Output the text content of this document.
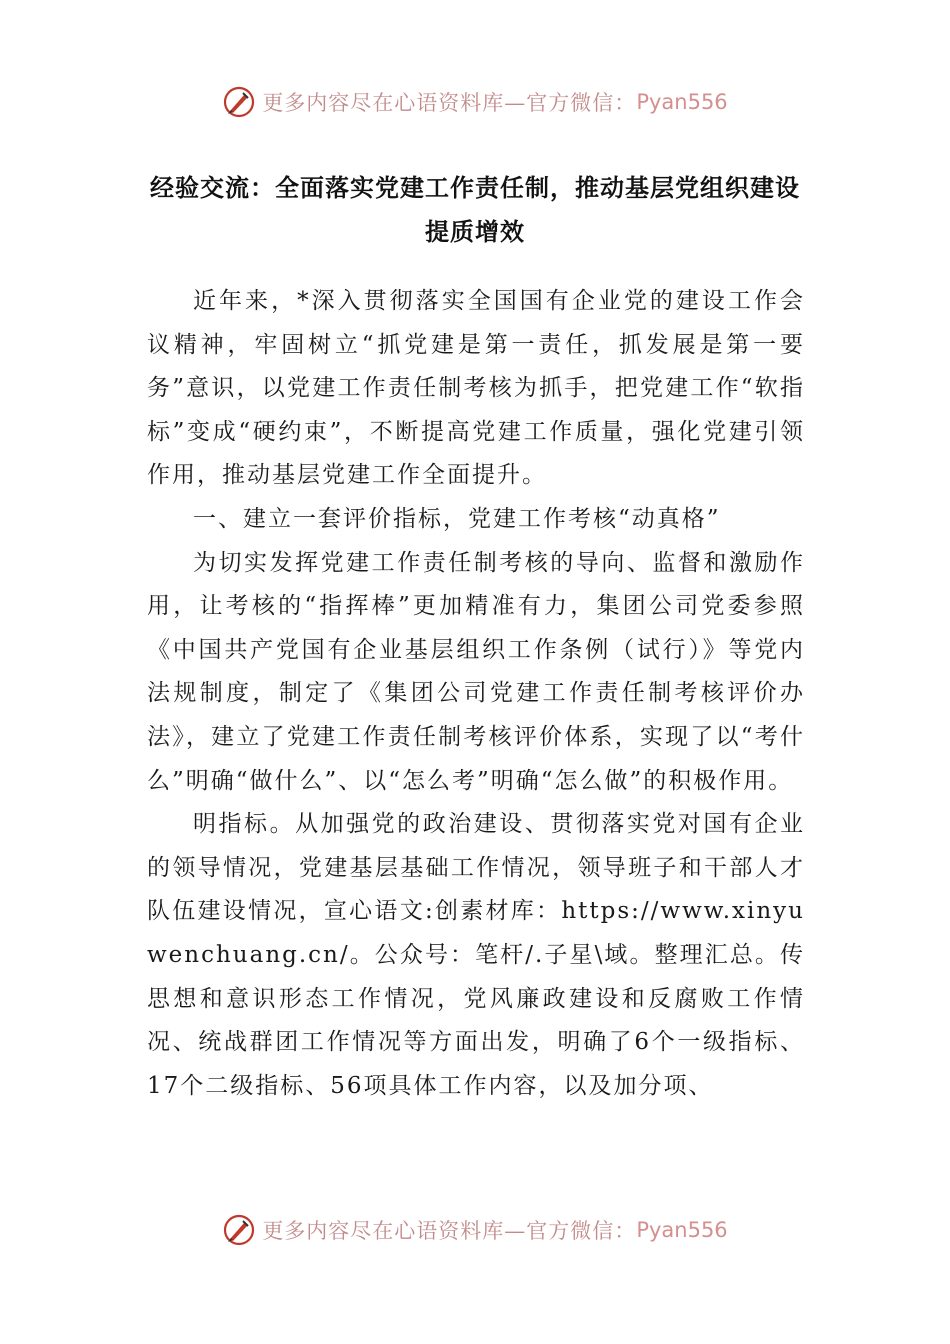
更多内容尽在心语资料库—官方微信： Pyan556
经验交流：全面落实党建工作责任制，推动基层党组织建设提质增效

近年来，*深入贯彻落实全国国有企业党的建设工作会议精神，牢固树立“抓党建是第一责任，抓发展是第一要务”意识，以党建工作责任制考核为抓手，把党建工作“软指标”变成“硬约束”，不断提高党建工作质量，强化党建引领作用，推动基层党建工作全面提升。

一、建立一套评价指标，党建工作考核“动真格”

为切实发挥党建工作责任制考核的导向、监督和激励作用，让考核的“指挥棒”更加精准有力，集团公司党委参照《中国共产党国有企业基层组织工作条例（试行）》等党内法规制度，制定了《集团公司党建工作责任制考核评价办法》，建立了党建工作责任制考核评价体系，实现了以“考什么”明确“做什么”、以“怎么考”明确“怎么做”的积极作用。

明指标。从加强党的政治建设、贯彻落实党对国有企业的领导情况，党建基层基础工作情况，领导班子和干部人才队伍建设情况，宣心语文:创素材库：https://www.xinyuwenchuang.cn/。公众号：笔杆/.子星\域。整理汇总。传思想和意识形态工作情况，党风廉政建设和反腐败工作情况、统战群团工作情况等方面出发，明确了6个一级指标、17个二级指标、56项具体工作内容，以及加分项、

更多内容尽在心语资料库—官方微信： Pyan556
